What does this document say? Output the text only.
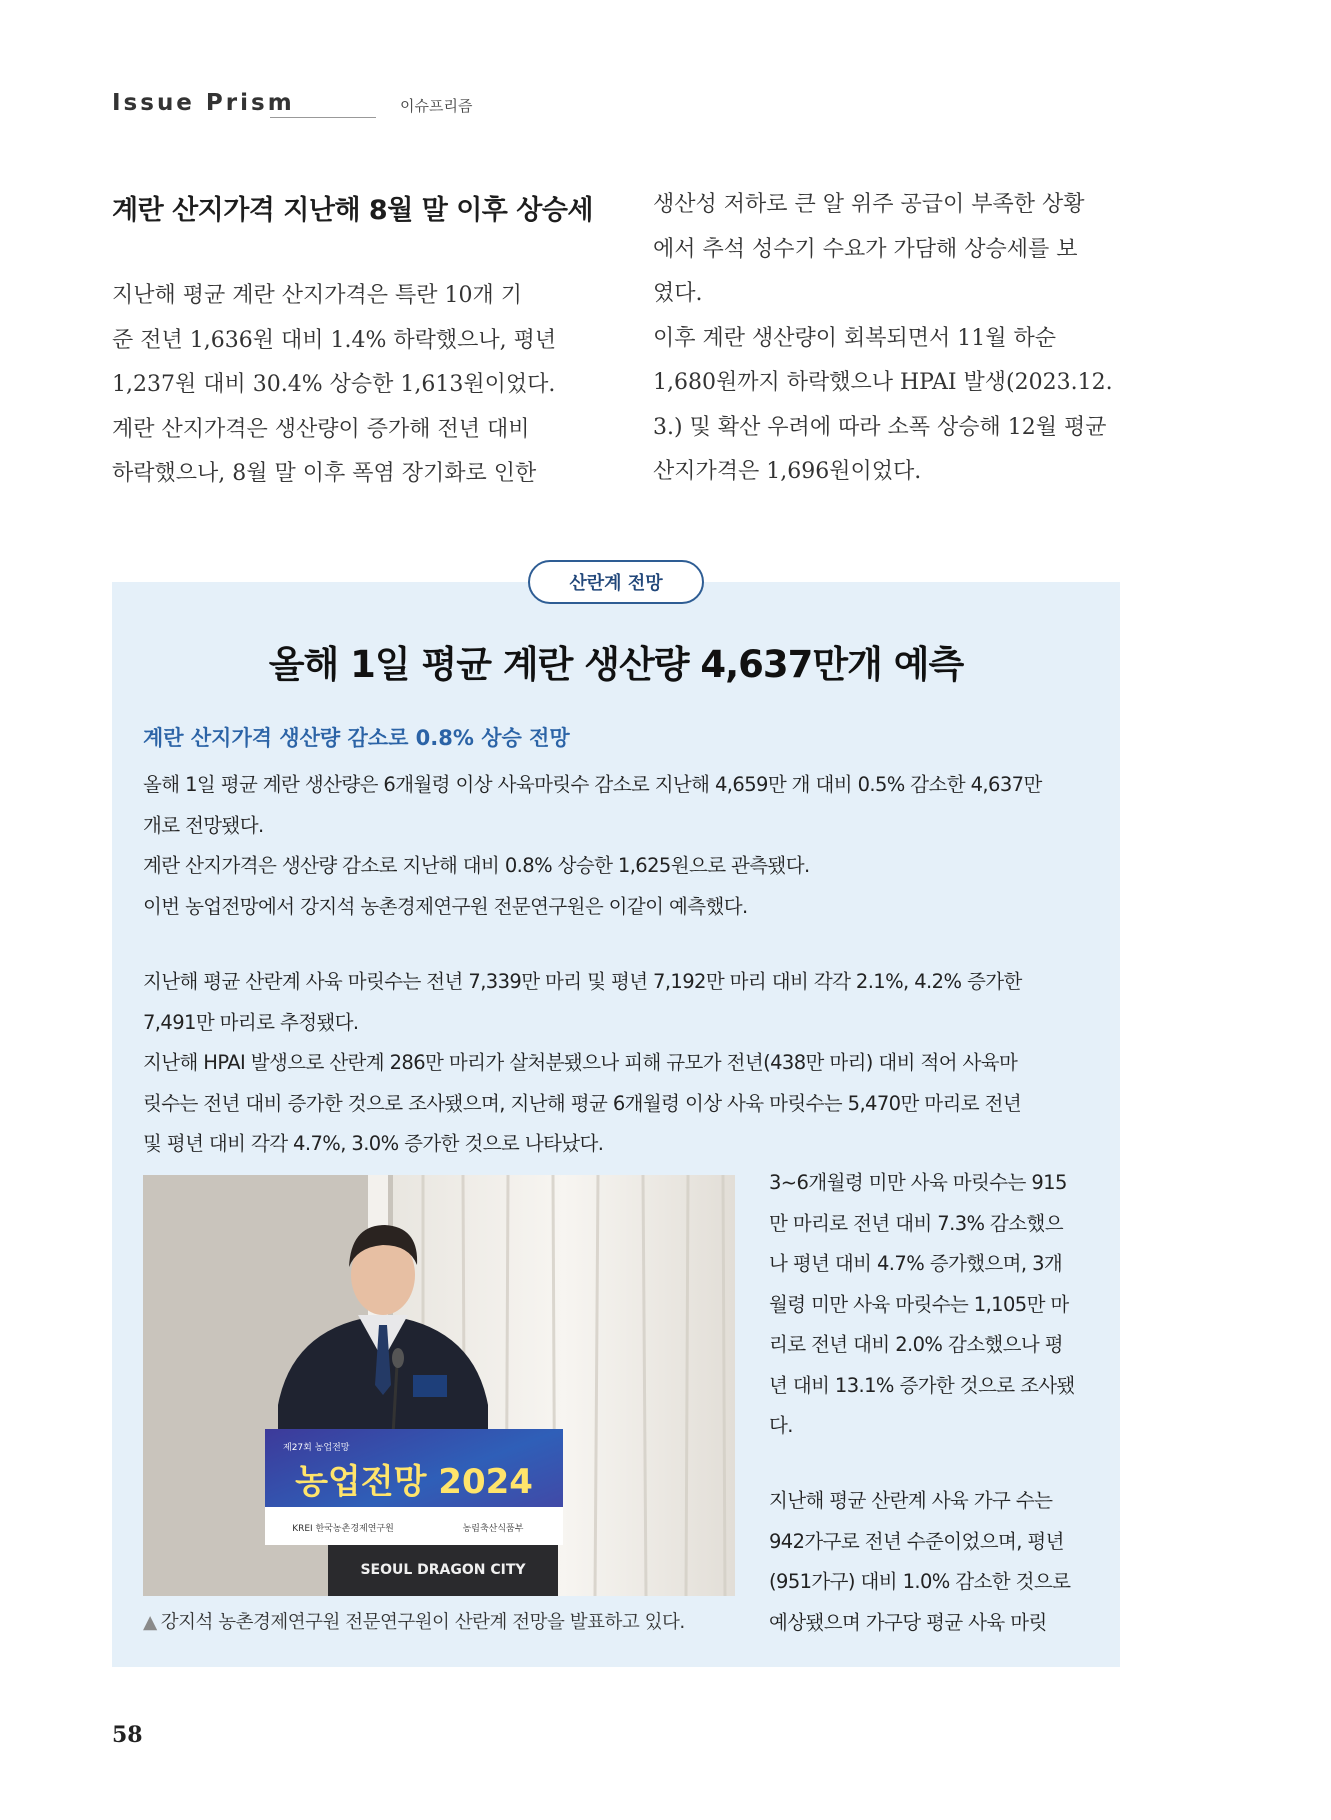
Issue Prism	이슈프리즘
계란 산지가격 지난해 8월 말 이후 상승세

지난해 평균 계란 산지가격은 특란 10개 기

준 전년 1,636원 대비 1.4% 하락했으나, 평년

1,237원 대비 30.4% 상승한 1,613원이었다.

계란 산지가격은 생산량이 증가해 전년 대비

하락했으나, 8월 말 이후 폭염 장기화로 인한

생산성 저하로 큰 알 위주 공급이 부족한 상황

에서 추석 성수기 수요가 가담해 상승세를 보

였다.

이후 계란 생산량이 회복되면서 11월 하순

1,680원까지 하락했으나 HPAI 발생(2023.12.

3.) 및 확산 우려에 따라 소폭 상승해 12월 평균

산지가격은 1,696원이었다.

산란계 전망
올해 1일 평균 계란 생산량 4,637만개 예측
계란 산지가격 생산량 감소로 0.8% 상승 전망

올해 1일 평균 계란 생산량은 6개월령 이상 사육마릿수 감소로 지난해 4,659만 개 대비 0.5% 감소한 4,637만

개로 전망됐다.

계란 산지가격은 생산량 감소로 지난해 대비 0.8% 상승한 1,625원으로 관측됐다.

이번 농업전망에서 강지석 농촌경제연구원 전문연구원은 이같이 예측했다.

지난해 평균 산란계 사육 마릿수는 전년 7,339만 마리 및 평년 7,192만 마리 대비 각각 2.1%, 4.2% 증가한

7,491만 마리로 추정됐다.

지난해 HPAI 발생으로 산란계 286만 마리가 살처분됐으나 피해 규모가 전년(438만 마리) 대비 적어 사육마

릿수는 전년 대비 증가한 것으로 조사됐으며, 지난해 평균 6개월령 이상 사육 마릿수는 5,470만 마리로 전년

및 평년 대비 각각 4.7%, 3.0% 증가한 것으로 나타났다.

제27회 농업전망
농업전망 2024
KREI 한국농촌경제연구원	농림축산식품부
SEOUL DRAGON CITY
▲ 강지석 농촌경제연구원 전문연구원이 산란계 전망을 발표하고 있다.

3~6개월령 미만 사육 마릿수는 915

만 마리로 전년 대비 7.3% 감소했으

나 평년 대비 4.7% 증가했으며, 3개

월령 미만 사육 마릿수는 1,105만 마

리로 전년 대비 2.0% 감소했으나 평

년 대비 13.1% 증가한 것으로 조사됐

다.

지난해 평균 산란계 사육 가구 수는

942가구로 전년 수준이었으며, 평년

(951가구) 대비 1.0% 감소한 것으로

예상됐으며 가구당 평균 사육 마릿

58
